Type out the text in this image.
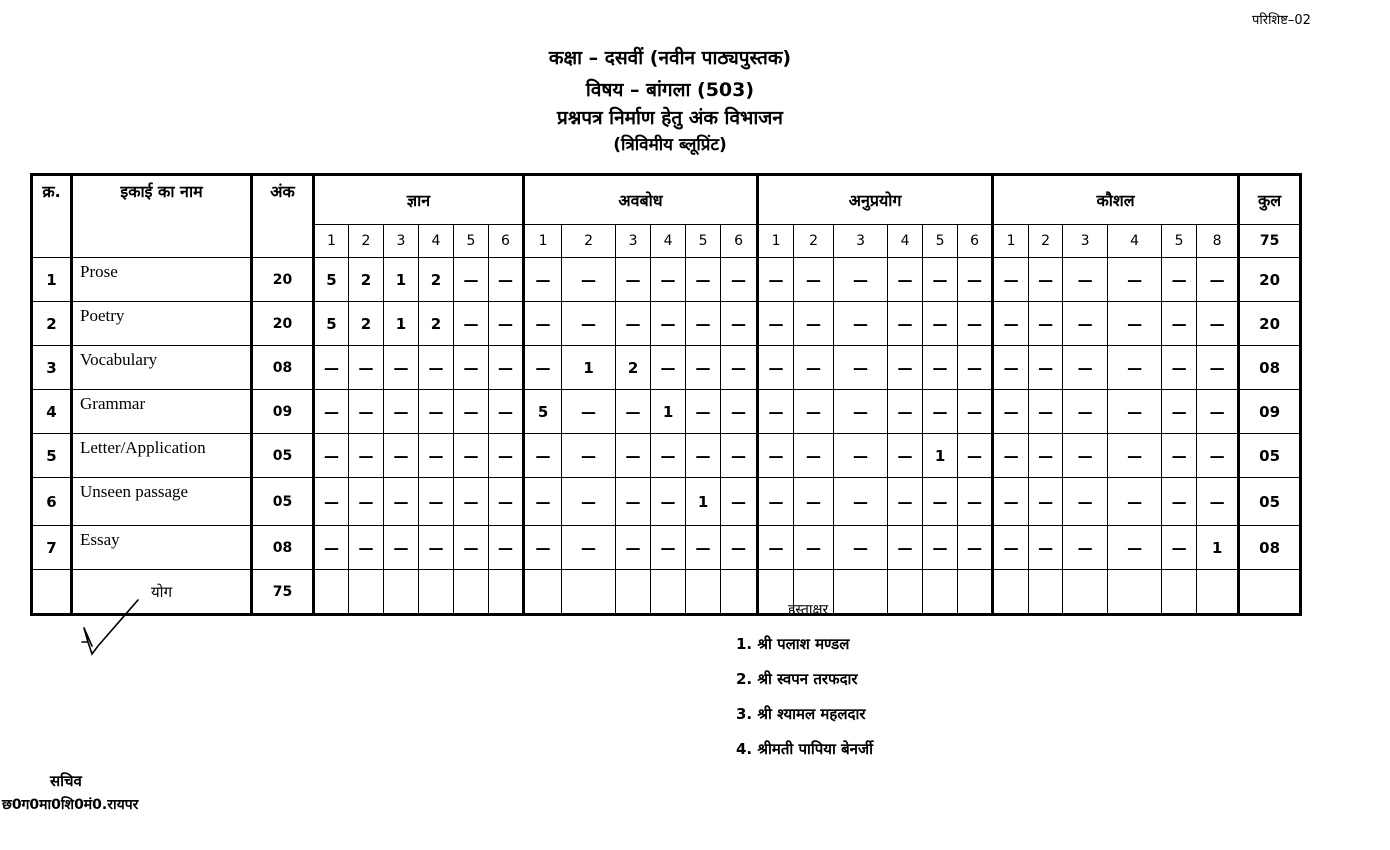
परिशिष्ट–02
कक्षा – दसवीं (नवीन पाठ्यपुस्तक)
विषय – बांगला (503)
प्रश्नपत्र निर्माण हेतु अंक विभाजन
(त्रिविमीय ब्लूप्रिंट)
क्र.	इकाई का नाम	अंक	ज्ञान						अवबोध						अनुप्रयोग						कौशल						कुल
			1	2	3	4	5	6	1	2	3	4	5	6	1	2	3	4	5	6	1	2	3	4	5	8	75
1	Prose	20	5	2	1	2	—	—	—	—	—	—	—	—	—	—	—	—	—	—	—	—	—	—	—	—	20
2	Poetry	20	5	2	1	2	—	—	—	—	—	—	—	—	—	—	—	—	—	—	—	—	—	—	—	—	20
3	Vocabulary	08	—	—	—	—	—	—	—	1	2	—	—	—	—	—	—	—	—	—	—	—	—	—	—	—	08
4	Grammar	09	—	—	—	—	—	—	5	—	—	1	—	—	—	—	—	—	—	—	—	—	—	—	—	—	09
5	Letter/Application	05	—	—	—	—	—	—	—	—	—	—	—	—	—	—	—	—	1	—	—	—	—	—	—	—	05
6	Unseen passage	05	—	—	—	—	—	—	—	—	—	—	1	—	—	—	—	—	—	—	—	—	—	—	—	—	05
7	Essay	08	—	—	—	—	—	—	—	—	—	—	—	—	—	—	—	—	—	—	—	—	—	—	—	1	08
	योग	75																									
हस्ताक्षर
1. श्री पलाश मण्डल
2. श्री स्वपन तरफदार
3. श्री श्यामल महलदार
4. श्रीमती पापिया बेनर्जी
सचिव
छ0ग0मा0शि0मं0.रायपर
